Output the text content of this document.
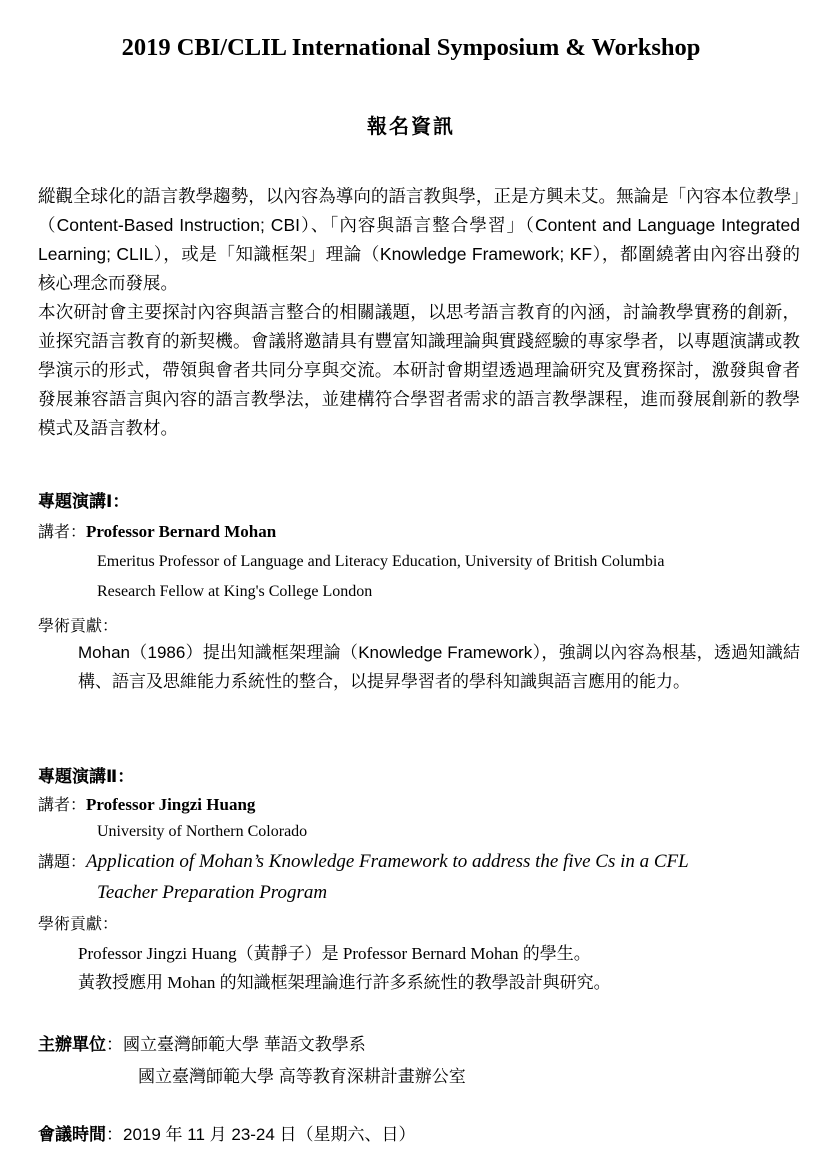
2019 CBI/CLIL International Symposium & Workshop
報名資訊

縱觀全球化的語言教學趨勢，以內容為導向的語言教與學，正是方興未艾。無論是「內容本位教學」（Content-Based Instruction; CBI）、「內容與語言整合學習」（Content and Language Integrated Learning; CLIL），或是「知識框架」理論（Knowledge Framework; KF），都圍繞著由內容出發的核心理念而發展。

本次研討會主要探討內容與語言整合的相關議題，以思考語言教育的內涵，討論教學實務的創新，並探究語言教育的新契機。會議將邀請具有豐富知識理論與實踐經驗的專家學者，以專題演講或教學演示的形式，帶領與會者共同分享與交流。本研討會期望透過理論研究及實務探討，激發與會者發展兼容語言與內容的語言教學法，並建構符合學習者需求的語言教學課程，進而發展創新的教學模式及語言教材。

專題演講Ⅰ：
講者：Professor Bernard Mohan
Emeritus Professor of Language and Literacy Education, University of British Columbia
Research Fellow at King's College London
學術貢獻：
Mohan（1986）提出知識框架理論（Knowledge Framework），強調以內容為根基，透過知識結構、語言及思維能力系統性的整合，以提昇學習者的學科知識與語言應用的能力。
專題演講Ⅱ：
講者：Professor Jingzi Huang
University of Northern Colorado
講題：Application of Mohan’s Knowledge Framework to address the five Cs in a CFL
Teacher Preparation Program
學術貢獻：
Professor Jingzi Huang（黃靜子）是 Professor Bernard Mohan 的學生。
黃教授應用 Mohan 的知識框架理論進行許多系統性的教學設計與研究。
主辦單位：國立臺灣師範大學 華語文教學系
國立臺灣師範大學 高等教育深耕計畫辦公室
會議時間：2019 年 11 月 23-24 日（星期六、日）
